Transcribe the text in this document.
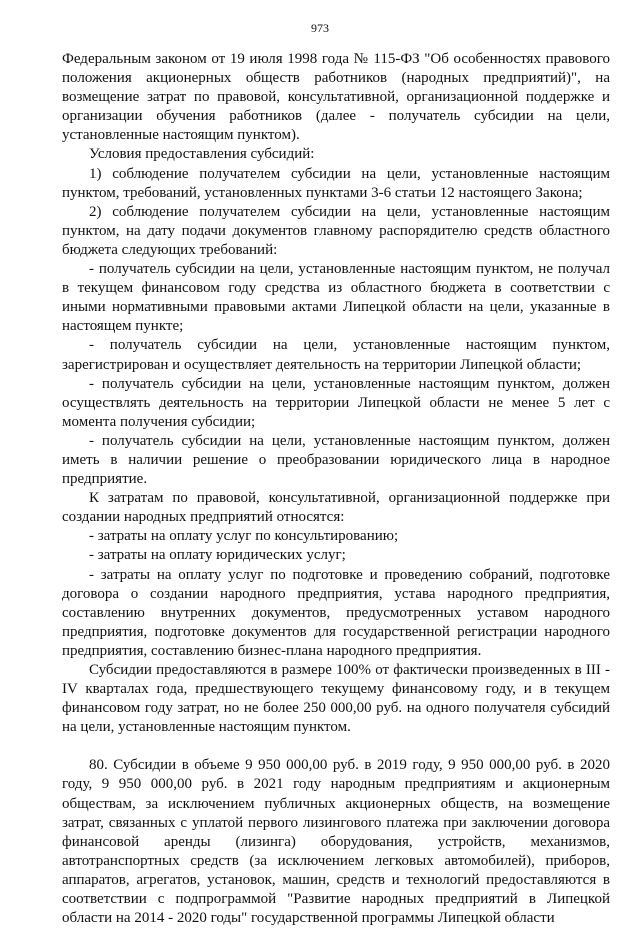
973

Федеральным законом от 19 июля 1998 года № 115-ФЗ "Об особенностях правового положения акционерных обществ работников (народных предприятий)", на возмещение затрат по правовой, консультативной, организационной поддержке и организации обучения работников (далее - получатель субсидии на цели, установленные настоящим пунктом).

Условия предоставления субсидий:

1) соблюдение получателем субсидии на цели, установленные настоящим пунктом, требований, установленных пунктами 3-6 статьи 12 настоящего Закона;

2) соблюдение получателем субсидии на цели, установленные настоящим пунктом, на дату подачи документов главному распорядителю средств областного бюджета следующих требований:

- получатель субсидии на цели, установленные настоящим пунктом, не получал в текущем финансовом году средства из областного бюджета в соответствии с иными нормативными правовыми актами Липецкой области на цели, указанные в настоящем пункте;

- получатель субсидии на цели, установленные настоящим пунктом, зарегистрирован и осуществляет деятельность на территории Липецкой области;

- получатель субсидии на цели, установленные настоящим пунктом, должен осуществлять деятельность на территории Липецкой области не менее 5 лет с момента получения субсидии;

- получатель субсидии на цели, установленные настоящим пунктом, должен иметь в наличии решение о преобразовании юридического лица в народное предприятие.

К затратам по правовой, консультативной, организационной поддержке при создании народных предприятий относятся:

- затраты на оплату услуг по консультированию;

- затраты на оплату юридических услуг;

- затраты на оплату услуг по подготовке и проведению собраний, подготовке договора о создании народного предприятия, устава народного предприятия, составлению внутренних документов, предусмотренных уставом народного предприятия, подготовке документов для государственной регистрации народного предприятия, составлению бизнес-плана народного предприятия.

Субсидии предоставляются в размере 100% от фактически произведенных в III - IV кварталах года, предшествующего текущему финансовому году, и в текущем финансовом году затрат, но не более 250 000,00 руб. на одного получателя субсидий на цели, установленные настоящим пунктом.

80. Субсидии в объеме 9 950 000,00 руб. в 2019 году, 9 950 000,00 руб. в 2020 году, 9 950 000,00 руб. в 2021 году народным предприятиям и акционерным обществам, за исключением публичных акционерных обществ, на возмещение затрат, связанных с уплатой первого лизингового платежа при заключении договора финансовой аренды (лизинга) оборудования, устройств, механизмов, автотранспортных средств (за исключением легковых автомобилей), приборов, аппаратов, агрегатов, установок, машин, средств и технологий предоставляются в соответствии с подпрограммой "Развитие народных предприятий в Липецкой области на 2014 - 2020 годы" государственной программы Липецкой области
